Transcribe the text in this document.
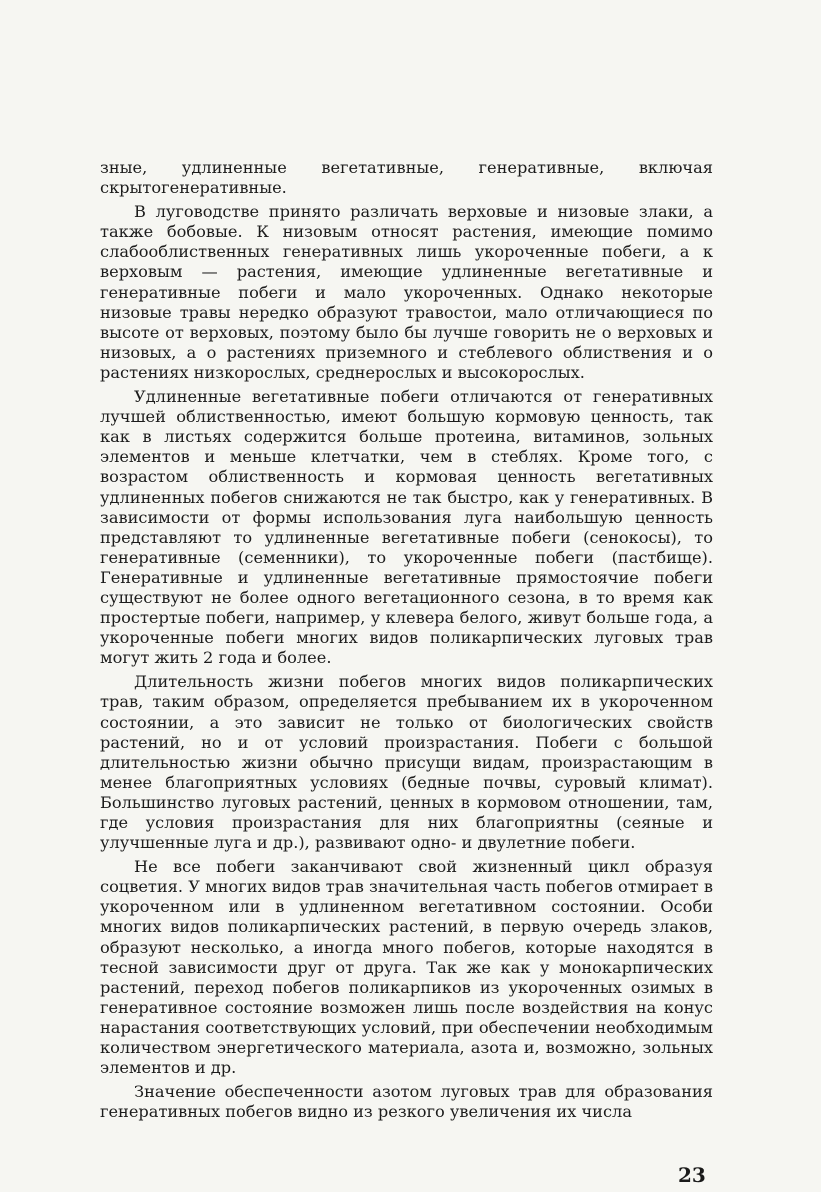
зные, удлиненные вегетативные, генеративные, включая скрытогенеративные.

В луговодстве принято различать верховые и низовые злаки, а также бобовые. К низовым относят растения, имеющие помимо слабооблиственных генеративных лишь укороченные побеги, а к верховым — растения, имеющие удлиненные вегетативные и генеративные побеги и мало укороченных. Однако некоторые низовые травы нередко образуют травостои, мало отличающиеся по высоте от верховых, поэтому было бы лучше говорить не о верховых и низовых, а о растениях приземного и стеблевого облиствения и о растениях низкорослых, среднерослых и высокорослых.

Удлиненные вегетативные побеги отличаются от генеративных лучшей облиственностью, имеют большую кормовую ценность, так как в листьях содержится больше протеина, витаминов, зольных элементов и меньше клетчатки, чем в стеблях. Кроме того, с возрастом облиственность и кормовая ценность вегетативных удлиненных побегов снижаются не так быстро, как у генеративных. В зависимости от формы использования луга наибольшую ценность представляют то удлиненные вегетативные побеги (сенокосы), то генеративные (семенники), то укороченные побеги (пастбище). Генеративные и удлиненные вегетативные прямостоячие побеги существуют не более одного вегетационного сезона, в то время как простертые побеги, например, у клевера белого, живут больше года, а укороченные побеги многих видов поликарпических луговых трав могут жить 2 года и более.

Длительность жизни побегов многих видов поликарпических трав, таким образом, определяется пребыванием их в укороченном состоянии, а это зависит не только от биологических свойств растений, но и от условий произрастания. Побеги с большой длительностью жизни обычно присущи видам, произрастающим в менее благоприятных условиях (бедные почвы, суровый климат). Большинство луговых растений, ценных в кормовом отношении, там, где условия произрастания для них благоприятны (сеяные и улучшенные луга и др.), развивают одно- и двулетние побеги.

Не все побеги заканчивают свой жизненный цикл образуя соцветия. У многих видов трав значительная часть побегов отмирает в укороченном или в удлиненном вегетативном состоянии. Особи многих видов поликарпических растений, в первую очередь злаков, образуют несколько, а иногда много побегов, которые находятся в тесной зависимости друг от друга. Так же как у монокарпических растений, переход побегов поликарпиков из укороченных озимых в генеративное состояние возможен лишь после воздействия на конус нарастания соответствующих условий, при обеспечении необходимым количеством энергетического материала, азота и, возможно, зольных элементов и др.

Значение обеспеченности азотом луговых трав для образования генеративных побегов видно из резкого увеличения их числа

23
